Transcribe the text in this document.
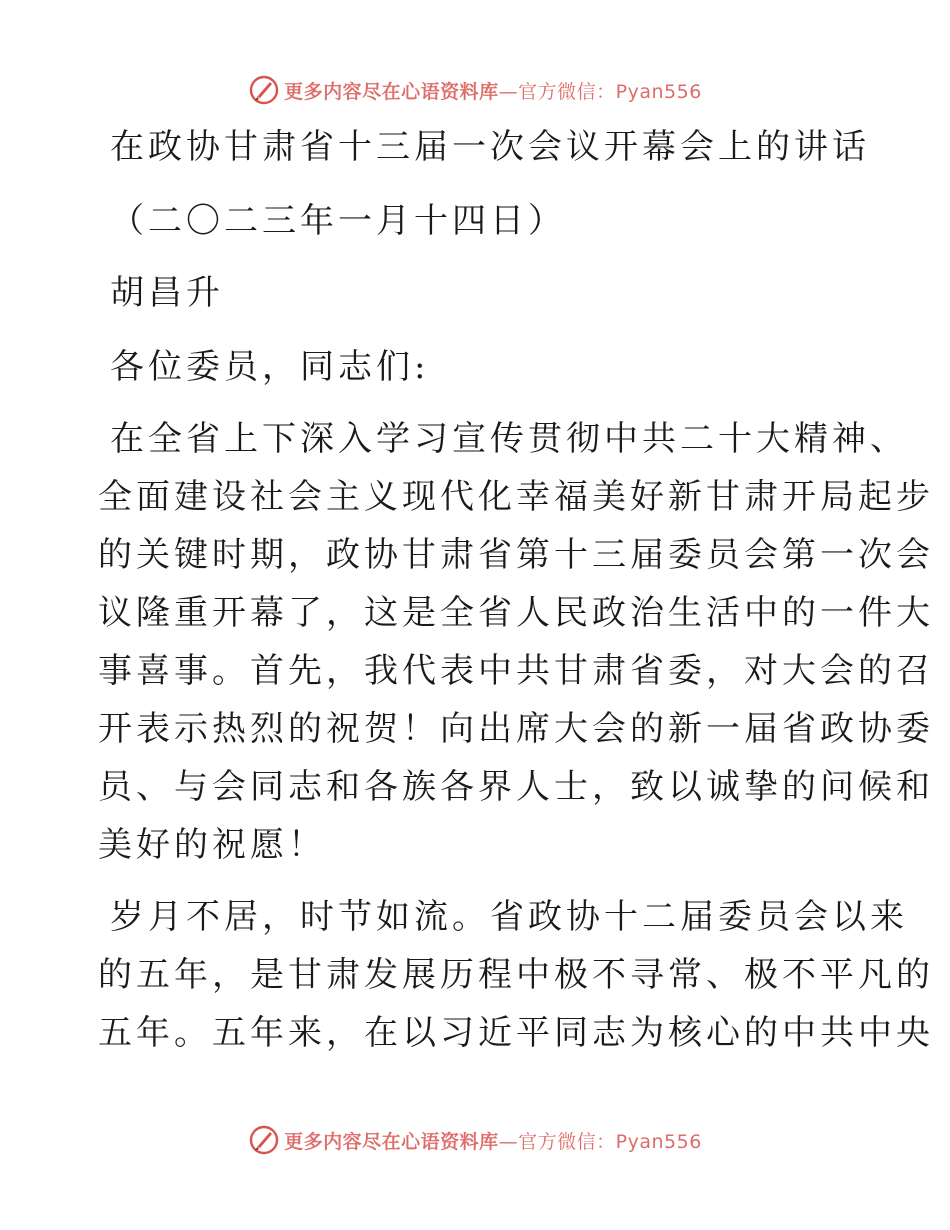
更多内容尽在心语资料库—官方微信：Pyan556
在政协甘肃省十三届一次会议开幕会上的讲话
（二〇二三年一月十四日）
胡昌升
各位委员，同志们:
在全省上下深入学习宣传贯彻中共二十大精神、
全面建设社会主义现代化幸福美好新甘肃开局起步
的关键时期，政协甘肃省第十三届委员会第一次会
议隆重开幕了，这是全省人民政治生活中的一件大
事喜事。首先，我代表中共甘肃省委，对大会的召
开表示热烈的祝贺！向出席大会的新一届省政协委
员、与会同志和各族各界人士，致以诚挚的问候和
美好的祝愿！
岁月不居，时节如流。省政协十二届委员会以来
的五年，是甘肃发展历程中极不寻常、极不平凡的
五年。五年来，在以习近平同志为核心的中共中央
更多内容尽在心语资料库—官方微信：Pyan556
